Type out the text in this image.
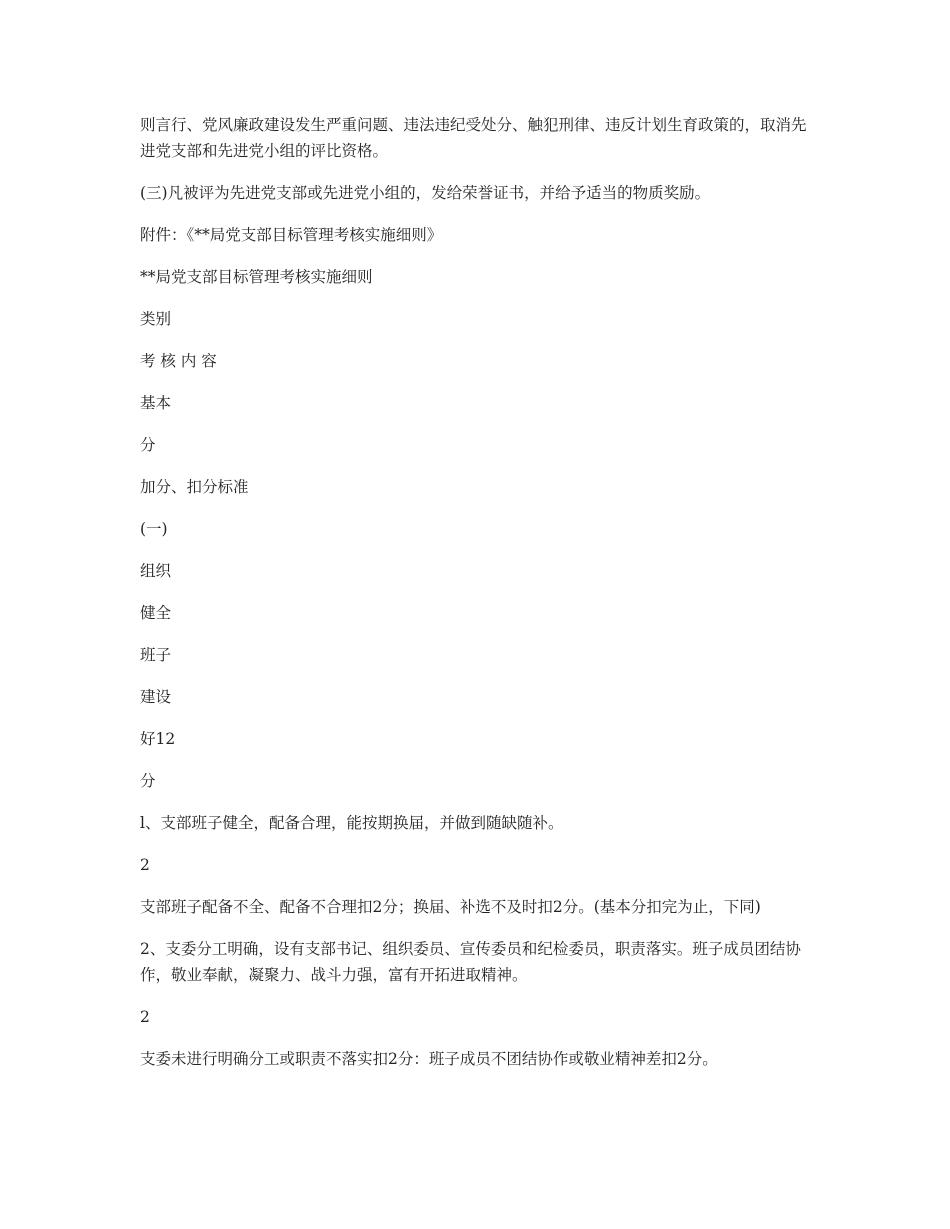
则言行、党风廉政建设发生严重问题、违法违纪受处分、触犯刑律、违反计划生育政策的，取消先进党支部和先进党小组的评比资格。

(三)凡被评为先进党支部或先进党小组的，发给荣誉证书，并给予适当的物质奖励。

附件：《**局党支部目标管理考核实施细则》

**局党支部目标管理考核实施细则

类别

考 核 内 容

基本

分

加分、扣分标准

(一)

组织

健全

班子

建设

好12

分

l、支部班子健全，配备合理，能按期换届，并做到随缺随补。

2

支部班子配备不全、配备不合理扣2分；换届、补选不及时扣2分。(基本分扣完为止，下同)

2、支委分工明确，设有支部书记、组织委员、宣传委员和纪检委员，职责落实。班子成员团结协作，敬业奉献，凝聚力、战斗力强，富有开拓进取精神。

2

支委未进行明确分工或职责不落实扣2分：班子成员不团结协作或敬业精神差扣2分。
